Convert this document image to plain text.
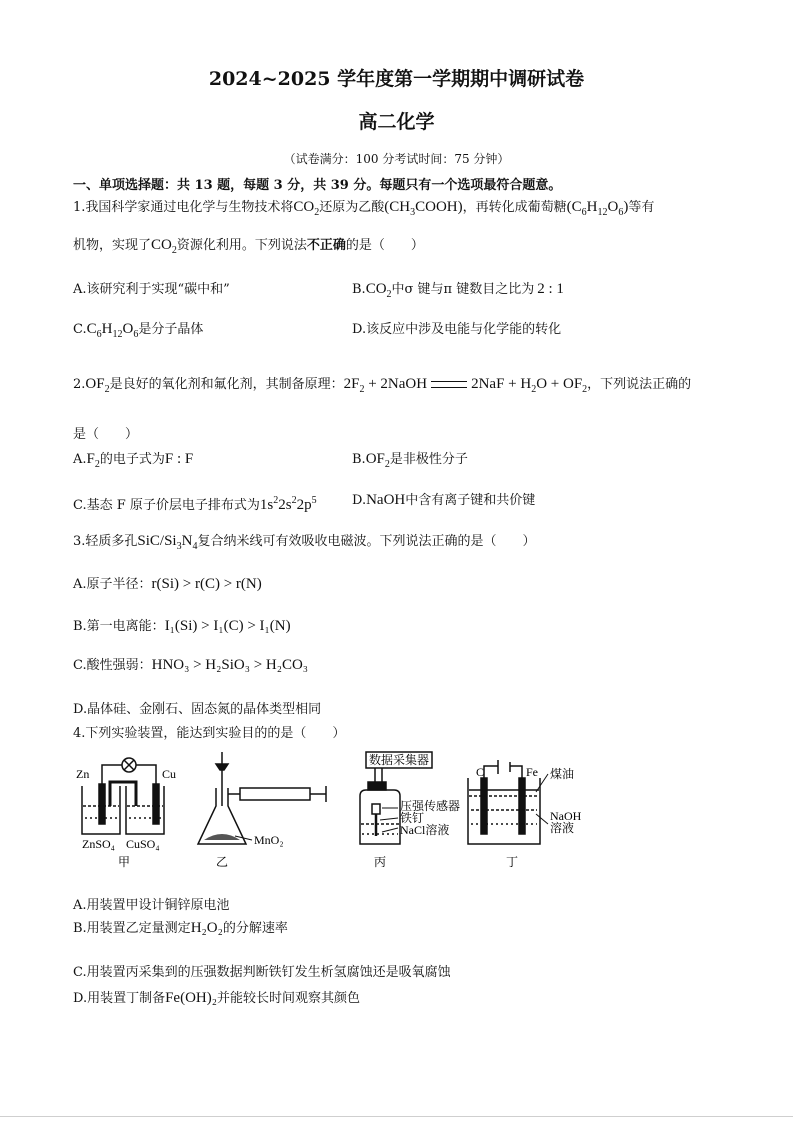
2024~2025 学年度第一学期期中调研试卷
高二化学
（试卷满分：100 分考试时间：75 分钟）
一、单项选择题：共 13 题，每题 3 分，共 39 分。每题只有一个选项最符合题意。
1.我国科学家通过电化学与生物技术将$CO_2$还原为乙酸$(CH_3COOH)$，再转化成葡萄糖$(C_6H_{12}O_6)$等有
机物，实现了$CO_2$资源化利用。下列说法不正确的是（　　）
A.该研究利于实现“碳中和”	$B.CO_2$中σ 键与π 键数目之比为 2 : 1
$C.C_6H_{12}O_6$是分子晶体	D.该反应中涉及电能与化学能的转化
$2.OF_2$是良好的氧化剂和氟化剂，其制备原理：$2F_2$ + 2NaOH	$2NaF + H_2O + OF_2$，下列说法正确的
是（　　）
$A.F_2$的电子式为F : F	$B.OF_2$是非极性分子
C.基态 F 原子价层电子排布式为$1s^22s^22p^5$	D.NaOH中含有离子键和共价键
3.轻质多孔SiC/$Si_3N_4$复合纳米线可有效吸收电磁波。下列说法正确的是（　　）
A.原子半径：r(Si) > r(C) > r(N)
B.第一电离能：I₁(Si) > I₁(C) > I₁(N)
C.酸性强弱：HNO₃ > H₂SiO₃ > H₂CO₃
D.晶体硅、金刚石、固态氮的晶体类型相同
4.下列实验装置，能达到实验目的的是（　　）
Zn	Cu
ZnSO₄ CuSO₄
甲
MnO₂
乙
数据采集器
压强传感器
铁钉
NaCl溶液
丙
C	Fe 煤油
NaOH
溶液
丁
A.用装置甲设计铜锌原电池
B.用装置乙定量测定H₂O₂的分解速率
C.用装置丙采集到的压强数据判断铁钉发生析氢腐蚀还是吸氧腐蚀
D.用装置丁制备Fe(OH)₂并能较长时间观察其颜色
